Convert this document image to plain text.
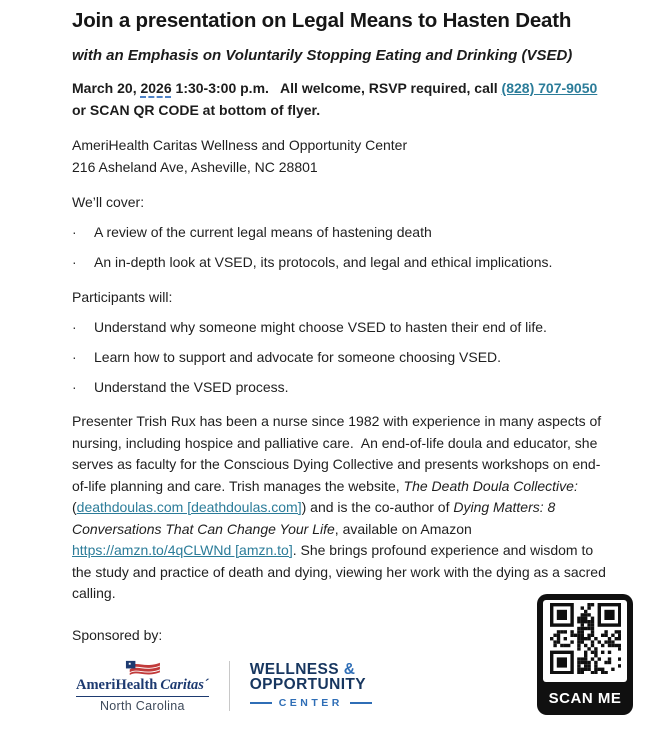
Join a presentation on Legal Means to Hasten Death
with an Emphasis on Voluntarily Stopping Eating and Drinking (VSED)
March 20, 2026 1:30-3:00 p.m.   All welcome, RSVP required, call (828) 707-9050 or SCAN QR CODE at bottom of flyer.
AmeriHealth Caritas Wellness and Opportunity Center
216 Asheland Ave, Asheville, NC 28801
We’ll cover:
·	A review of the current legal means of hastening death
·	An in-depth look at VSED, its protocols, and legal and ethical implications.
Participants will:
·	Understand why someone might choose VSED to hasten their end of life.
·	Learn how to support and advocate for someone choosing VSED.
·	Understand the VSED process.
Presenter Trish Rux has been a nurse since 1982 with experience in many aspects of nursing, including hospice and palliative care.  An end-of-life doula and educator, she serves as faculty for the Conscious Dying Collective and presents workshops on end-of-life planning and care. Trish manages the website, The Death Doula Collective: (deathdoulas.com [deathdoulas.com]) and is the co-author of Dying Matters: 8 Conversations That Can Change Your Life, available on Amazon https://amzn.to/4qCLWNd [amzn.to]. She brings profound experience and wisdom to the study and practice of death and dying, viewing her work with the dying as a sacred calling.
Sponsored by:
AmeriHealth Caritas´
North Carolina
WELLNESS &
OPPORTUNITY
CENTER	SCAN ME
